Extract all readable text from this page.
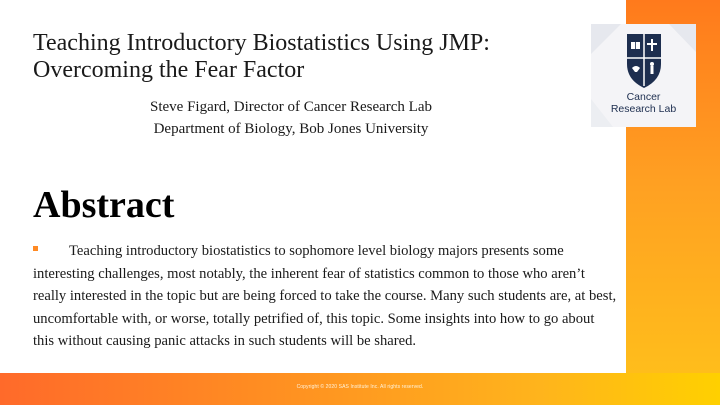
Teaching Introductory Biostatistics Using JMP:
Overcoming the Fear Factor
Cancer
Research Lab
Steve Figard, Director of Cancer Research Lab
Department of Biology, Bob Jones University
Abstract
Teaching introductory biostatistics to sophomore level biology majors presents some interesting challenges, most notably, the inherent fear of statistics common to those who aren’t really interested in the topic but are being forced to take the course. Many such students are, at best, uncomfortable with, or worse, totally petrified of, this topic. Some insights into how to go about this without causing panic attacks in such students will be shared.
Copyright © 2020 SAS Institute Inc. All rights reserved.
